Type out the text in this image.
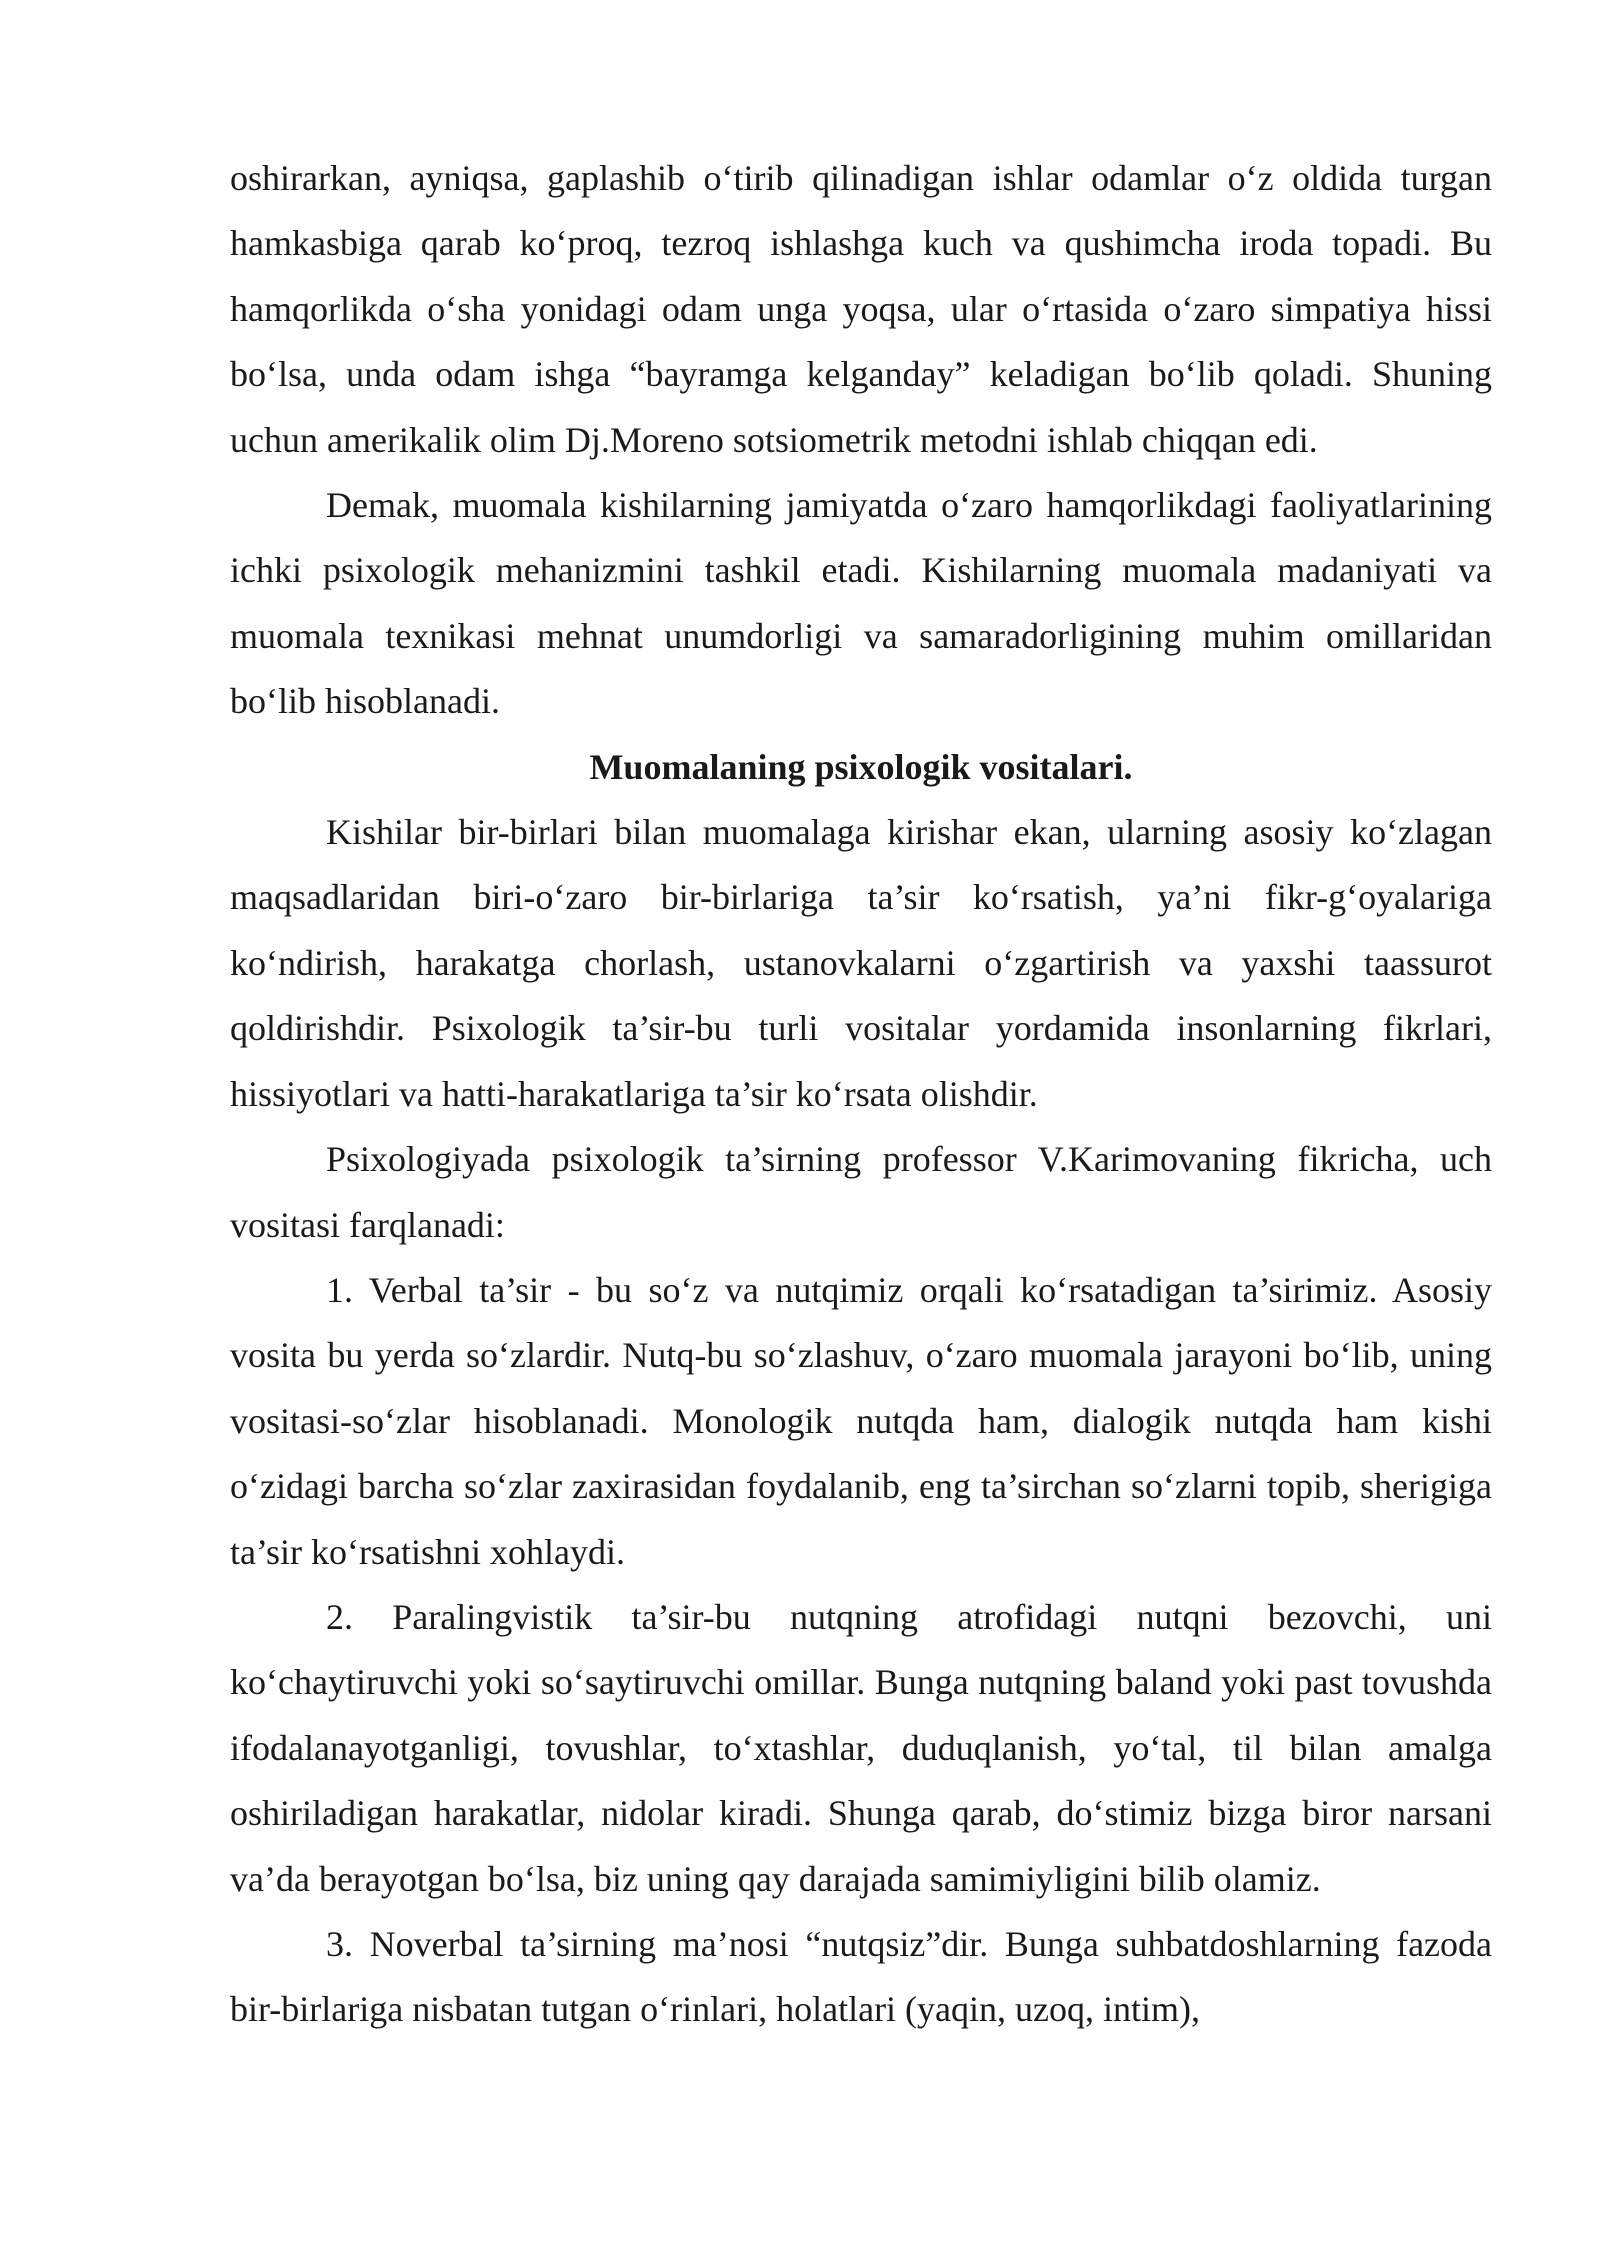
oshirarkan, ayniqsa, gaplashib o‘tirib qilinadigan ishlar odamlar o‘z oldida turgan hamkasbiga qarab ko‘proq, tezroq ishlashga kuch va qushimcha iroda topadi. Bu hamqorlikda o‘sha yonidagi odam unga yoqsa, ular o‘rtasida o‘zaro simpatiya hissi bo‘lsa, unda odam ishga “bayramga kelganday” keladigan bo‘lib qoladi. Shuning uchun amerikalik olim Dj.Moreno sotsiometrik metodni ishlab chiqqan edi.

Demak, muomala kishilarning jamiyatda o‘zaro hamqorlikdagi faoliyatlarining ichki psixologik mehanizmini tashkil etadi. Kishilarning muomala madaniyati va muomala texnikasi mehnat unumdorligi va samaradorligining muhim omillaridan bo‘lib hisoblanadi.

Muomalaning psixologik vositalari.

Kishilar bir-birlari bilan muomalaga kirishar ekan, ularning asosiy ko‘zlagan maqsadlaridan biri-o‘zaro bir-birlariga ta’sir ko‘rsatish, ya’ni fikr-g‘oyalariga ko‘ndirish, harakatga chorlash, ustanovkalarni o‘zgartirish va yaxshi taassurot qoldirishdir. Psixologik ta’sir-bu turli vositalar yordamida insonlarning fikrlari, hissiyotlari va hatti-harakatlariga ta’sir ko‘rsata olishdir.

Psixologiyada psixologik ta’sirning professor V.Karimovaning fikricha, uch vositasi farqlanadi:

1. Verbal ta’sir - bu so‘z va nutqimiz orqali ko‘rsatadigan ta’sirimiz. Asosiy vosita bu yerda so‘zlardir. Nutq-bu so‘zlashuv, o‘zaro muomala jarayoni bo‘lib, uning vositasi-so‘zlar hisoblanadi. Monologik nutqda ham, dialogik nutqda ham kishi o‘zidagi barcha so‘zlar zaxirasidan foydalanib, eng ta’sirchan so‘zlarni topib, sherigiga ta’sir ko‘rsatishni xohlaydi.

2. Paralingvistik ta’sir-bu nutqning atrofidagi nutqni bezovchi, uni ko‘chaytiruvchi yoki so‘saytiruvchi omillar. Bunga nutqning baland yoki past tovushda ifodalanayotganligi, tovushlar, to‘xtashlar, duduqlanish, yo‘tal, til bilan amalga oshiriladigan harakatlar, nidolar kiradi. Shunga qarab, do‘stimiz bizga biror narsani va’da berayotgan bo‘lsa, biz uning qay darajada samimiyligini bilib olamiz.

3. Noverbal ta’sirning ma’nosi “nutqsiz”dir. Bunga suhbatdoshlarning fazoda bir-birlariga nisbatan tutgan o‘rinlari, holatlari (yaqin, uzoq, intim),
